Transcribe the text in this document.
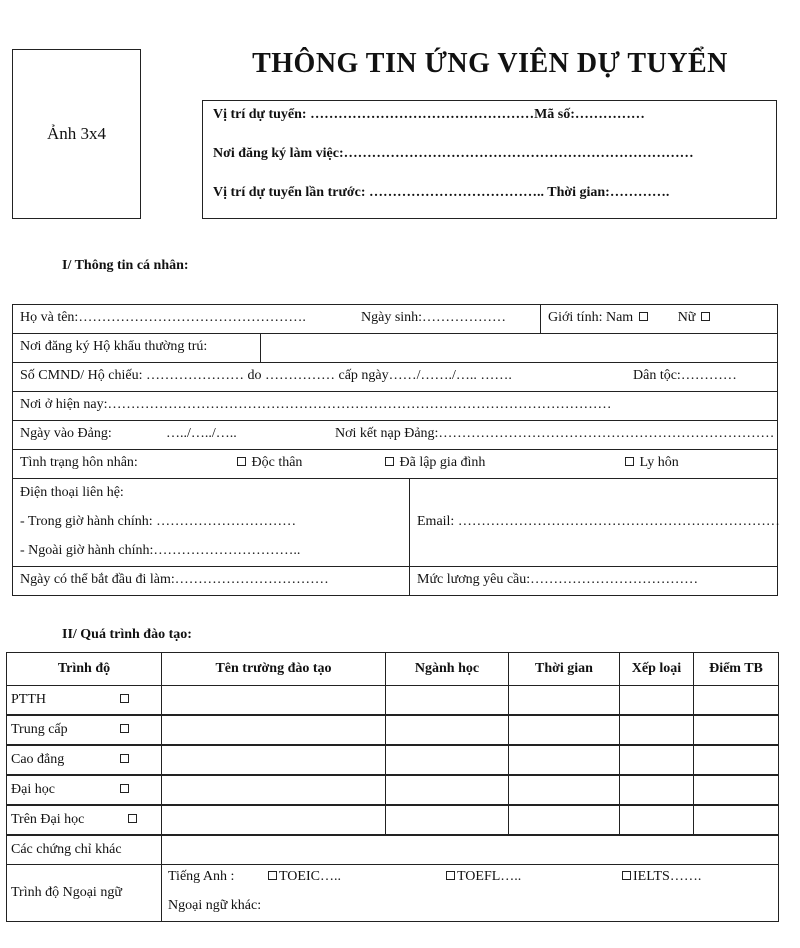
Ảnh 3x4
THÔNG TIN ỨNG VIÊN DỰ TUYỂN
Vị trí dự tuyển: …………………………………………Mã số:……………
Nơi đăng ký làm việc:…………………………………………………………………
Vị trí dự tuyển lần trước: ……………………………….. Thời gian:………….
I/ Thông tin cá nhân:
Họ và tên:………………………………………….	Ngày sinh:………………	Giới tính: Nam	Nữ
Nơi đăng ký Hộ khẩu thường trú:
Số CMND/ Hộ chiếu: ………………… do …………… cấp ngày……/……./….. …….	Dân tộc:…………
Nơi ở hiện nay:………………………………………………………………………………………………
Ngày vào Đảng:	…../…../…..	Nơi kết nạp Đảng:………………………………………………………………
Tình trạng hôn nhân:	Độc thân	Đã lập gia đình	Ly hôn
Điện thoại liên hệ:
- Trong giờ hành chính: …………………………
- Ngoài giờ hành chính:…………………………..
Email: ……………………………………………………………
Ngày có thể bắt đầu đi làm:……………………………	Mức lương yêu cầu:………………………………
II/ Quá trình đào tạo:
Trình độ	Tên trường đào tạo	Ngành học	Thời gian	Xếp loại	Điểm TB
PTTH

Trung cấp

Cao đẳng

Đại học

Trên Đại học

Các chứng chỉ khác					
Trình độ Ngoại ngữ	Tiếng Anh : TOEIC….. TOEFL….. IELTS…….
Ngoại ngữ khác:				
